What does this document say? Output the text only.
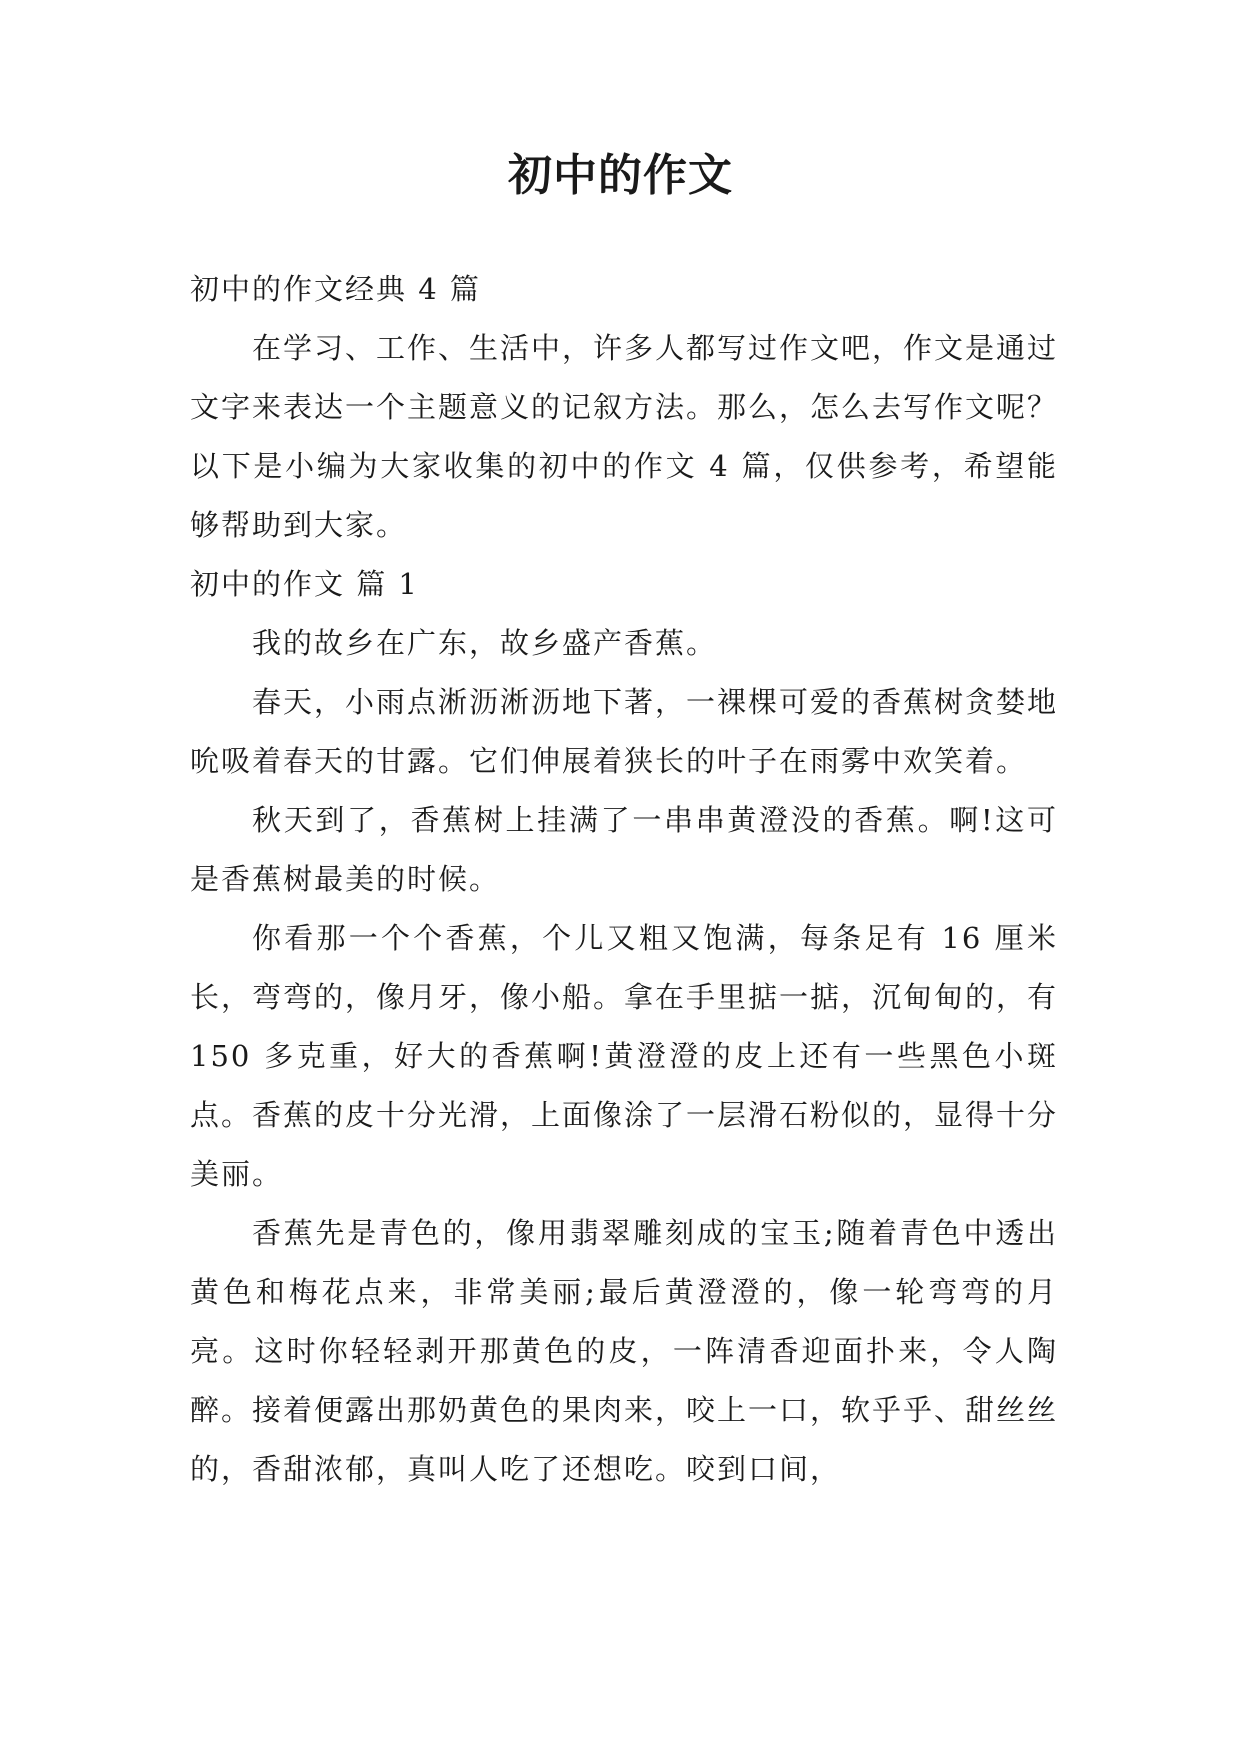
初中的作文

初中的作文经典 4 篇

在学习、工作、生活中，许多人都写过作文吧，作文是通过文字来表达一个主题意义的记叙方法。那么，怎么去写作文呢？以下是小编为大家收集的初中的作文 4 篇，仅供参考，希望能够帮助到大家。

初中的作文 篇 1

我的故乡在广东，故乡盛产香蕉。

春天，小雨点淅沥淅沥地下著，一裸棵可爱的香蕉树贪婪地吮吸着春天的甘露。它们伸展着狭长的叶子在雨雾中欢笑着。

秋天到了，香蕉树上挂满了一串串黄澄没的香蕉。啊!这可是香蕉树最美的时候。

你看那一个个香蕉，个儿又粗又饱满，每条足有 16 厘米长，弯弯的，像月牙，像小船。拿在手里掂一掂，沉甸甸的，有 150 多克重，好大的香蕉啊!黄澄澄的皮上还有一些黑色小斑点。香蕉的皮十分光滑，上面像涂了一层滑石粉似的，显得十分美丽。

香蕉先是青色的，像用翡翠雕刻成的宝玉;随着青色中透出黄色和梅花点来，非常美丽;最后黄澄澄的，像一轮弯弯的月亮。这时你轻轻剥开那黄色的皮，一阵清香迎面扑来，令人陶醉。接着便露出那奶黄色的果肉来，咬上一口，软乎乎、甜丝丝的，香甜浓郁，真叫人吃了还想吃。咬到口间，
